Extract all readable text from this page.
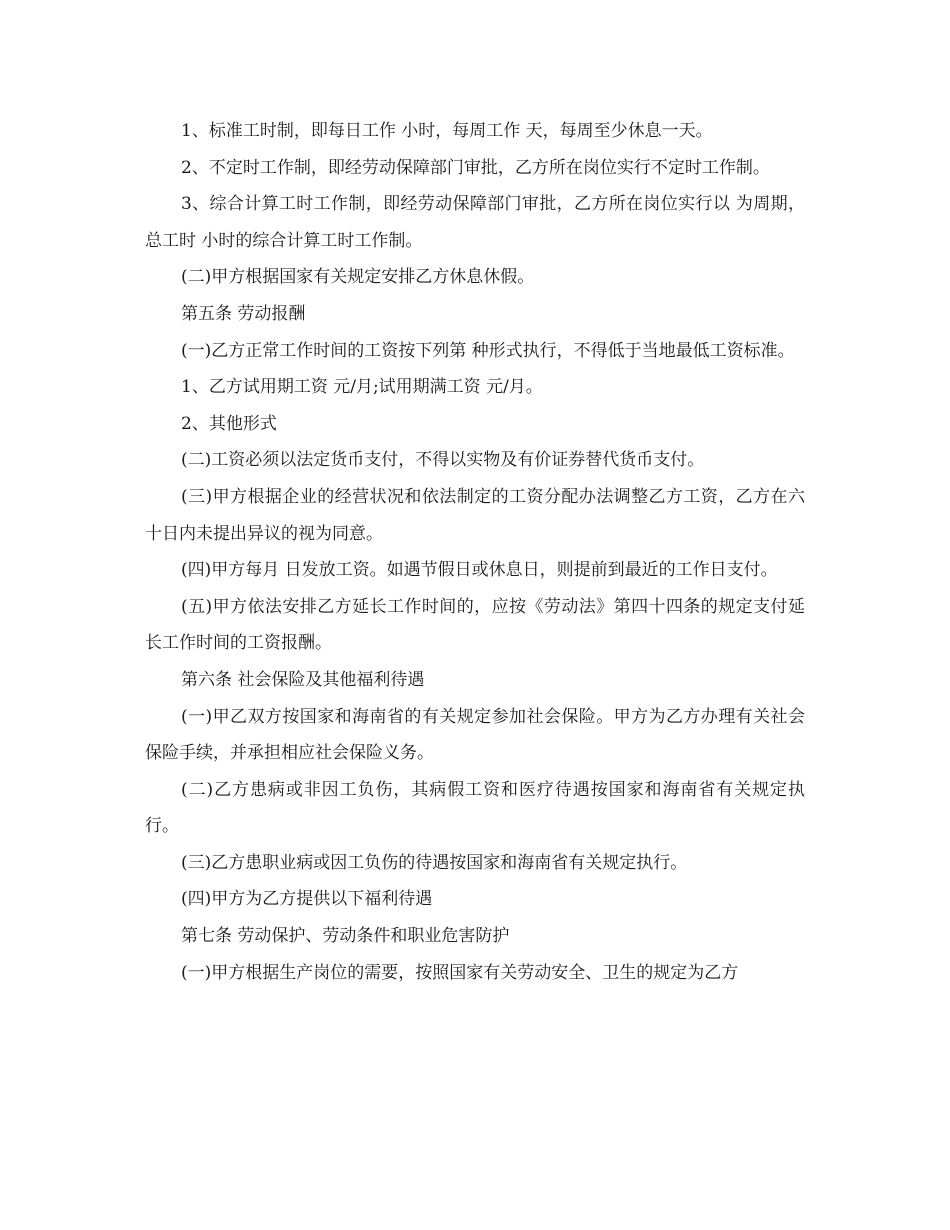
1、标准工时制，即每日工作 小时，每周工作 天，每周至少休息一天。

2、不定时工作制，即经劳动保障部门审批，乙方所在岗位实行不定时工作制。

3、综合计算工时工作制，即经劳动保障部门审批，乙方所在岗位实行以 为周期，总工时 小时的综合计算工时工作制。

(二)甲方根据国家有关规定安排乙方休息休假。

第五条 劳动报酬

(一)乙方正常工作时间的工资按下列第 种形式执行，不得低于当地最低工资标准。

1、乙方试用期工资 元/月;试用期满工资 元/月。

2、其他形式

(二)工资必须以法定货币支付，不得以实物及有价证券替代货币支付。

(三)甲方根据企业的经营状况和依法制定的工资分配办法调整乙方工资，乙方在六十日内未提出异议的视为同意。

(四)甲方每月 日发放工资。如遇节假日或休息日，则提前到最近的工作日支付。

(五)甲方依法安排乙方延长工作时间的，应按《劳动法》第四十四条的规定支付延长工作时间的工资报酬。

第六条 社会保险及其他福利待遇

(一)甲乙双方按国家和海南省的有关规定参加社会保险。甲方为乙方办理有关社会保险手续，并承担相应社会保险义务。

(二)乙方患病或非因工负伤，其病假工资和医疗待遇按国家和海南省有关规定执行。

(三)乙方患职业病或因工负伤的待遇按国家和海南省有关规定执行。

(四)甲方为乙方提供以下福利待遇

第七条 劳动保护、劳动条件和职业危害防护

(一)甲方根据生产岗位的需要，按照国家有关劳动安全、卫生的规定为乙方
